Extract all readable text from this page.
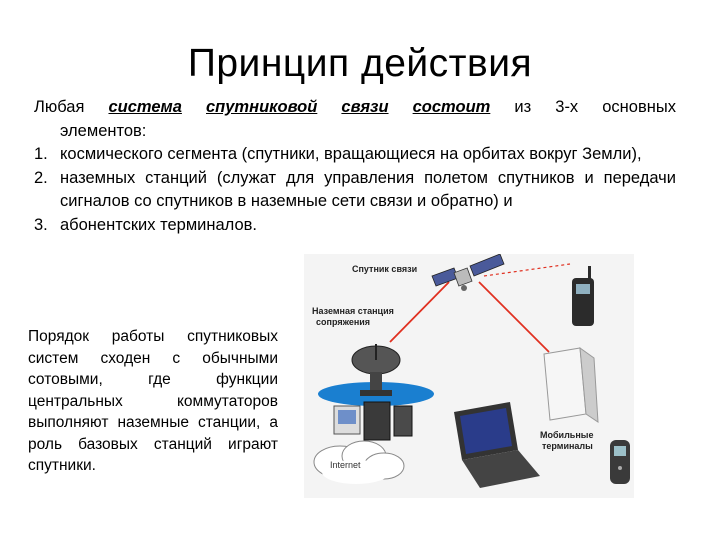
Принцип действия
Любая система спутниковой связи состоит из 3-х основных
элементов:
1. космического сегмента (спутники, вращающиеся на орбитах вокруг Земли),
2. наземных станций (служат для управления полетом спутников и передачи сигналов со спутников в наземные сети связи и обратно) и
3. абонентских терминалов.
Порядок работы спутниковых систем сходен с обычными сотовыми, где функции центральных коммутаторов выполняют наземные станции, а роль базовых станций играют спутники.
Спутник связи
Наземная станция
сопряжения
Internet
Мобильные
терминалы
